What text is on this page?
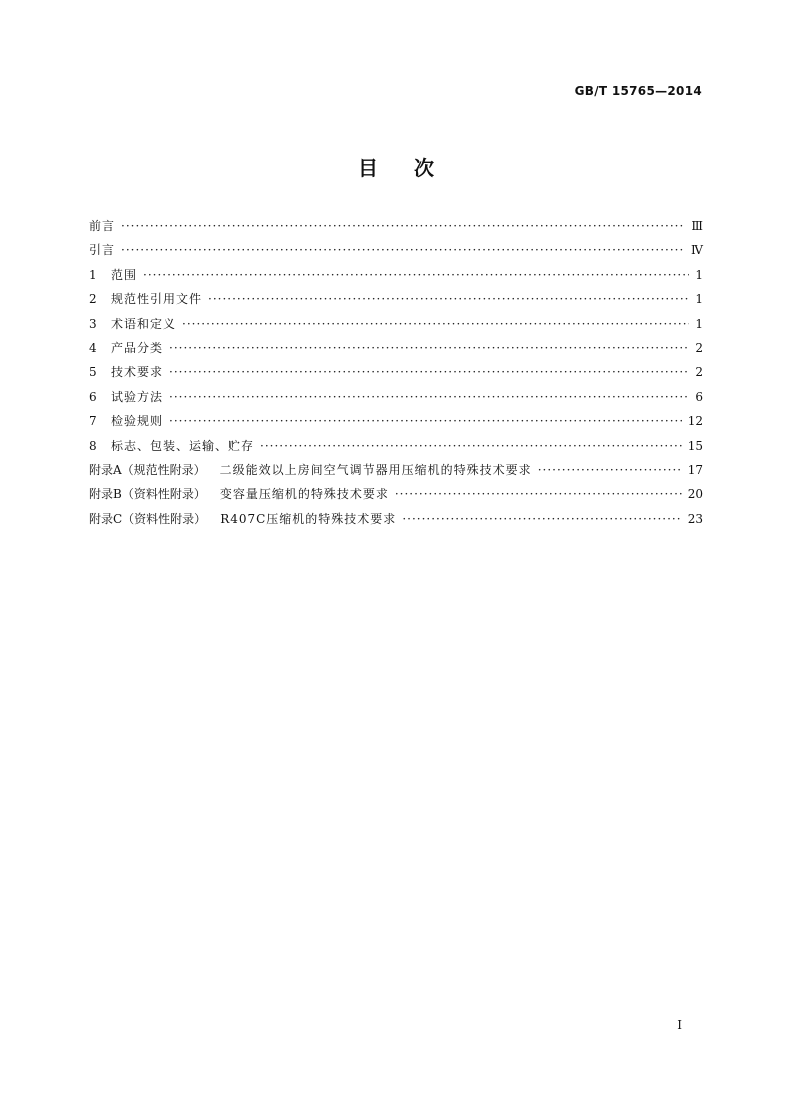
GB/T 15765—2014
目次
前言 ·····	Ⅲ
引言 ·····	Ⅳ
1	范围 ·····	1
2	规范性引用文件 ·····	1
3	术语和定义 ·····	1
4	产品分类 ·····	2
5	技术要求 ·····	2
6	试验方法 ·····	6
7	检验规则 ·····	12
8	标志、包装、运输、贮存 ·····	15
附录A（规范性附录） 二级能效以上房间空气调节器用压缩机的特殊技术要求 ·····	17
附录B（资料性附录） 变容量压缩机的特殊技术要求 ·····	20
附录C（资料性附录） R407C压缩机的特殊技术要求 ·····	23
Ⅰ
